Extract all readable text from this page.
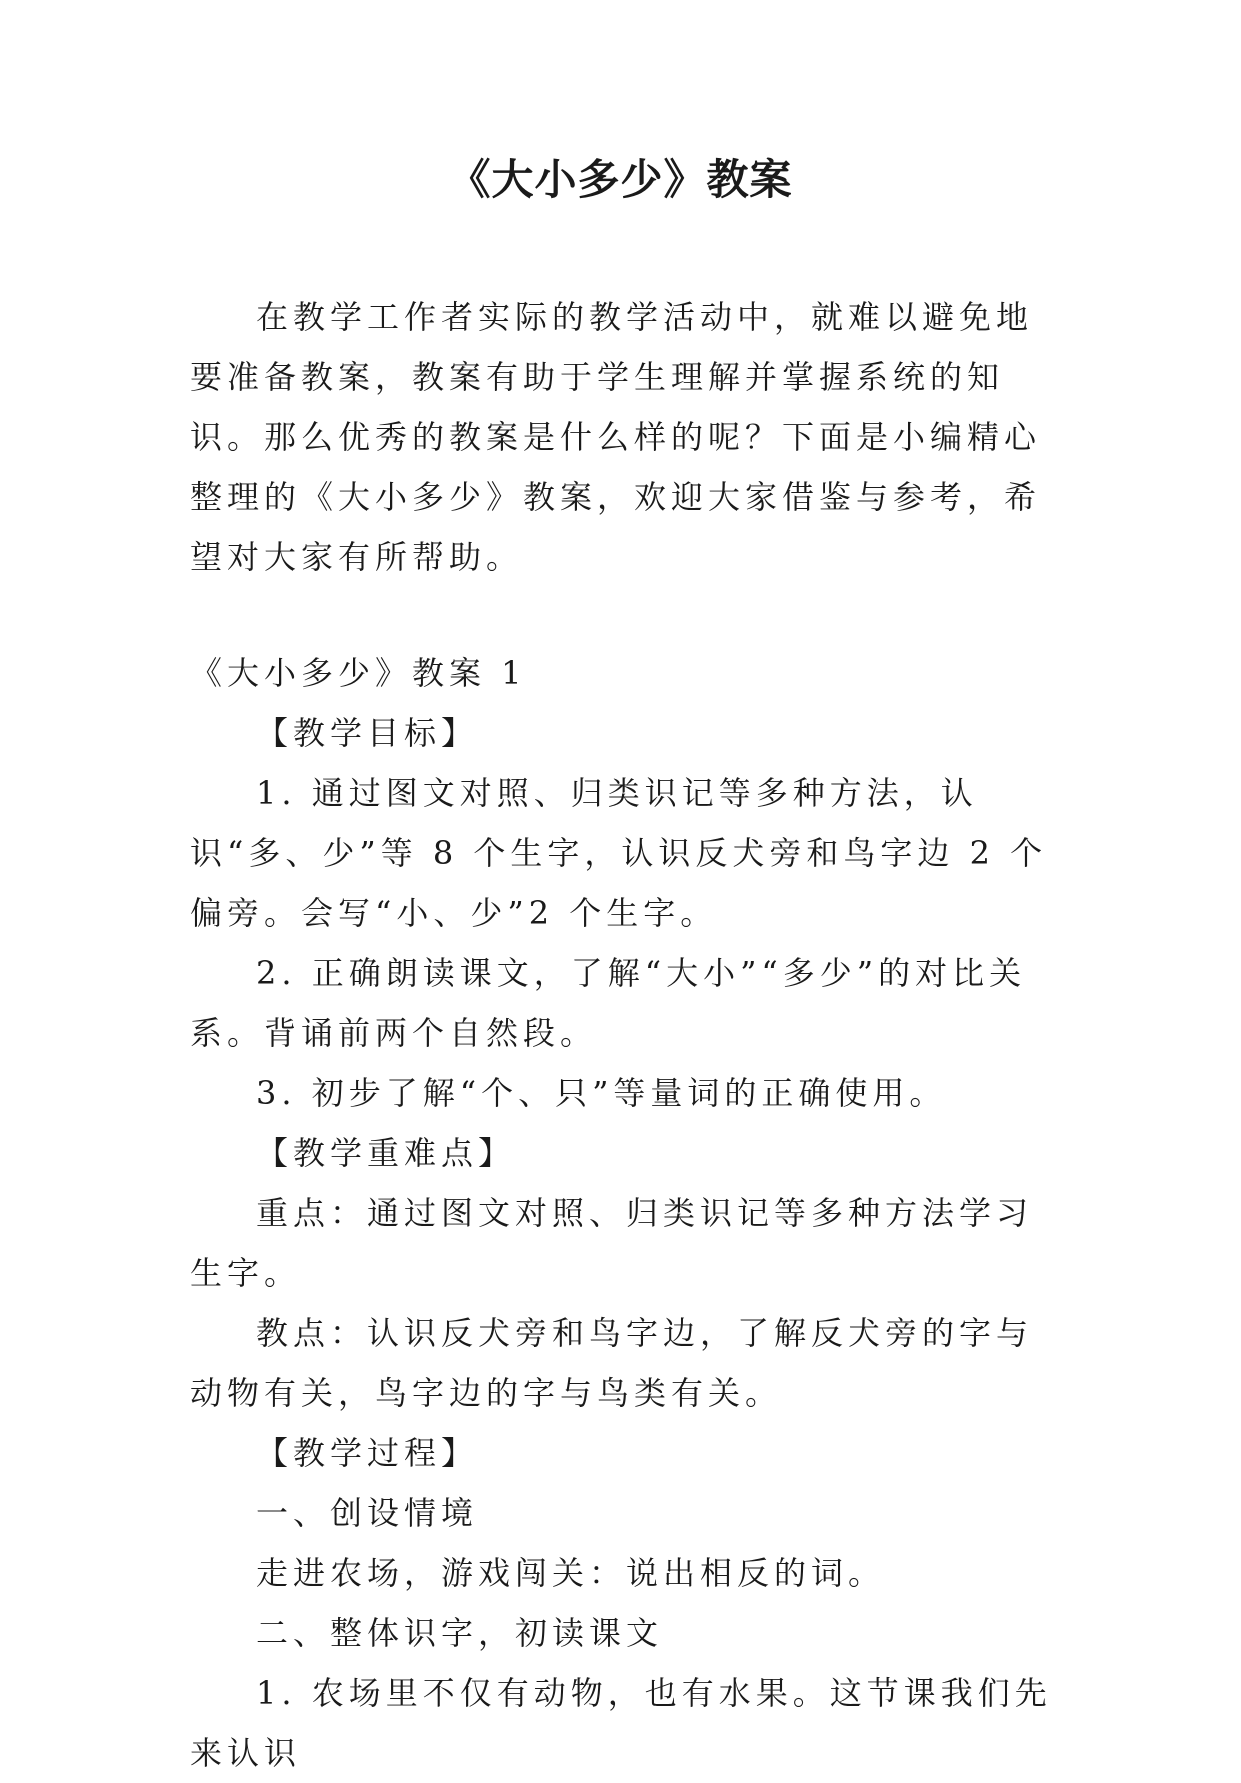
《大小多少》教案

在教学工作者实际的教学活动中，就难以避免地要准备教案，教案有助于学生理解并掌握系统的知识。那么优秀的教案是什么样的呢？下面是小编精心整理的《大小多少》教案，欢迎大家借鉴与参考，希望对大家有所帮助。

《大小多少》教案 1

【教学目标】

1. 通过图文对照、归类识记等多种方法，认识“多、少”等 8 个生字，认识反犬旁和鸟字边 2 个偏旁。会写“小、少”2 个生字。

2. 正确朗读课文，了解“大小”“多少”的对比关系。背诵前两个自然段。

3. 初步了解“个、只”等量词的正确使用。

【教学重难点】

重点：通过图文对照、归类识记等多种方法学习生字。

教点：认识反犬旁和鸟字边，了解反犬旁的字与动物有关，鸟字边的字与鸟类有关。

【教学过程】

一、创设情境

走进农场，游戏闯关：说出相反的词。

二、整体识字，初读课文

1. 农场里不仅有动物，也有水果。这节课我们先来认识
